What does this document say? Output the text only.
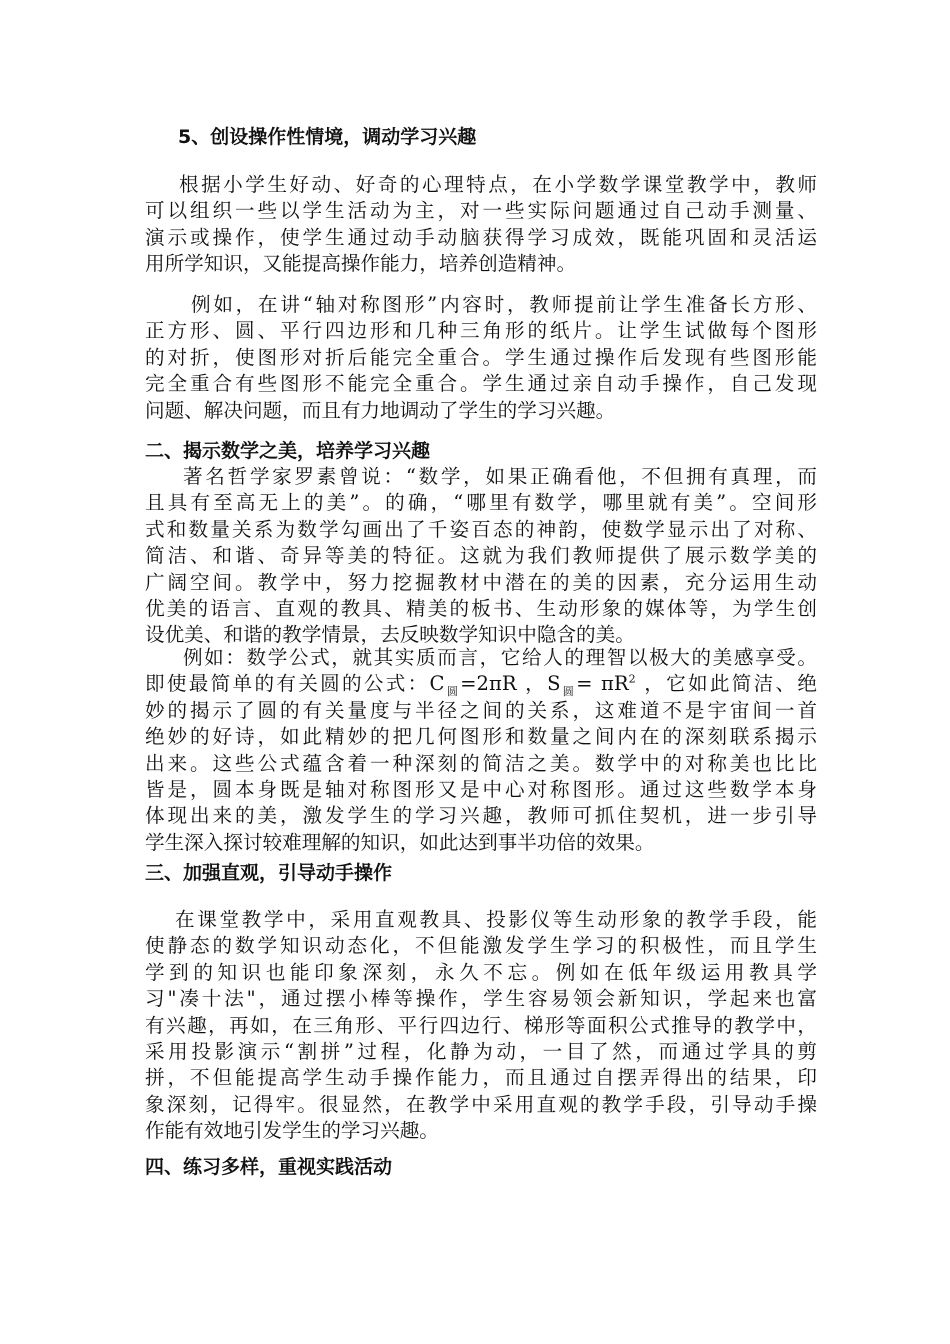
5、创设操作性情境，调动学习兴趣

根据小学生好动、好奇的心理特点，在小学数学课堂教学中，教师
可以组织一些以学生活动为主，对一些实际问题通过自己动手测量、
演示或操作，使学生通过动手动脑获得学习成效，既能巩固和灵活运
用所学知识，又能提高操作能力，培养创造精神。

例如，在讲“轴对称图形”内容时，教师提前让学生准备长方形、
正方形、圆、平行四边形和几种三角形的纸片。让学生试做每个图形
的对折，使图形对折后能完全重合。学生通过操作后发现有些图形能
完全重合有些图形不能完全重合。学生通过亲自动手操作，自己发现
问题、解决问题，而且有力地调动了学生的学习兴趣。

二、揭示数学之美，培养学习兴趣

著名哲学家罗素曾说：“数学，如果正确看他，不但拥有真理，而
且具有至高无上的美”。的确，“哪里有数学，哪里就有美”。空间形
式和数量关系为数学勾画出了千姿百态的神韵，使数学显示出了对称、
简洁、和谐、奇异等美的特征。这就为我们教师提供了展示数学美的
广阔空间。教学中，努力挖掘教材中潜在的美的因素，充分运用生动
优美的语言、直观的教具、精美的板书、生动形象的媒体等，为学生创
设优美、和谐的教学情景，去反映数学知识中隐含的美。

例如：数学公式，就其实质而言，它给人的理智以极大的美感享受。
即使最简单的有关圆的公式：$C_圆=2\pi R$ ，$S_圆= \pi R^2$ ，它如此简洁、绝
妙的揭示了圆的有关量度与半径之间的关系，这难道不是宇宙间一首
绝妙的好诗，如此精妙的把几何图形和数量之间内在的深刻联系揭示
出来。这些公式蕴含着一种深刻的简洁之美。数学中的对称美也比比
皆是，圆本身既是轴对称图形又是中心对称图形。通过这些数学本身
体现出来的美，激发学生的学习兴趣，教师可抓住契机，进一步引导
学生深入探讨较难理解的知识，如此达到事半功倍的效果。

三、加强直观，引导动手操作

在课堂教学中，采用直观教具、投影仪等生动形象的教学手段，能
使静态的数学知识动态化，不但能激发学生学习的积极性，而且学生
学到的知识也能印象深刻，永久不忘。例如在低年级运用教具学
习"凑十法"，通过摆小棒等操作，学生容易领会新知识，学起来也富
有兴趣，再如，在三角形、平行四边行、梯形等面积公式推导的教学中，
采用投影演示“割拼”过程，化静为动，一目了然，而通过学具的剪
拼，不但能提高学生动手操作能力，而且通过自摆弄得出的结果，印
象深刻，记得牢。很显然，在教学中采用直观的教学手段，引导动手操
作能有效地引发学生的学习兴趣。

四、练习多样，重视实践活动
